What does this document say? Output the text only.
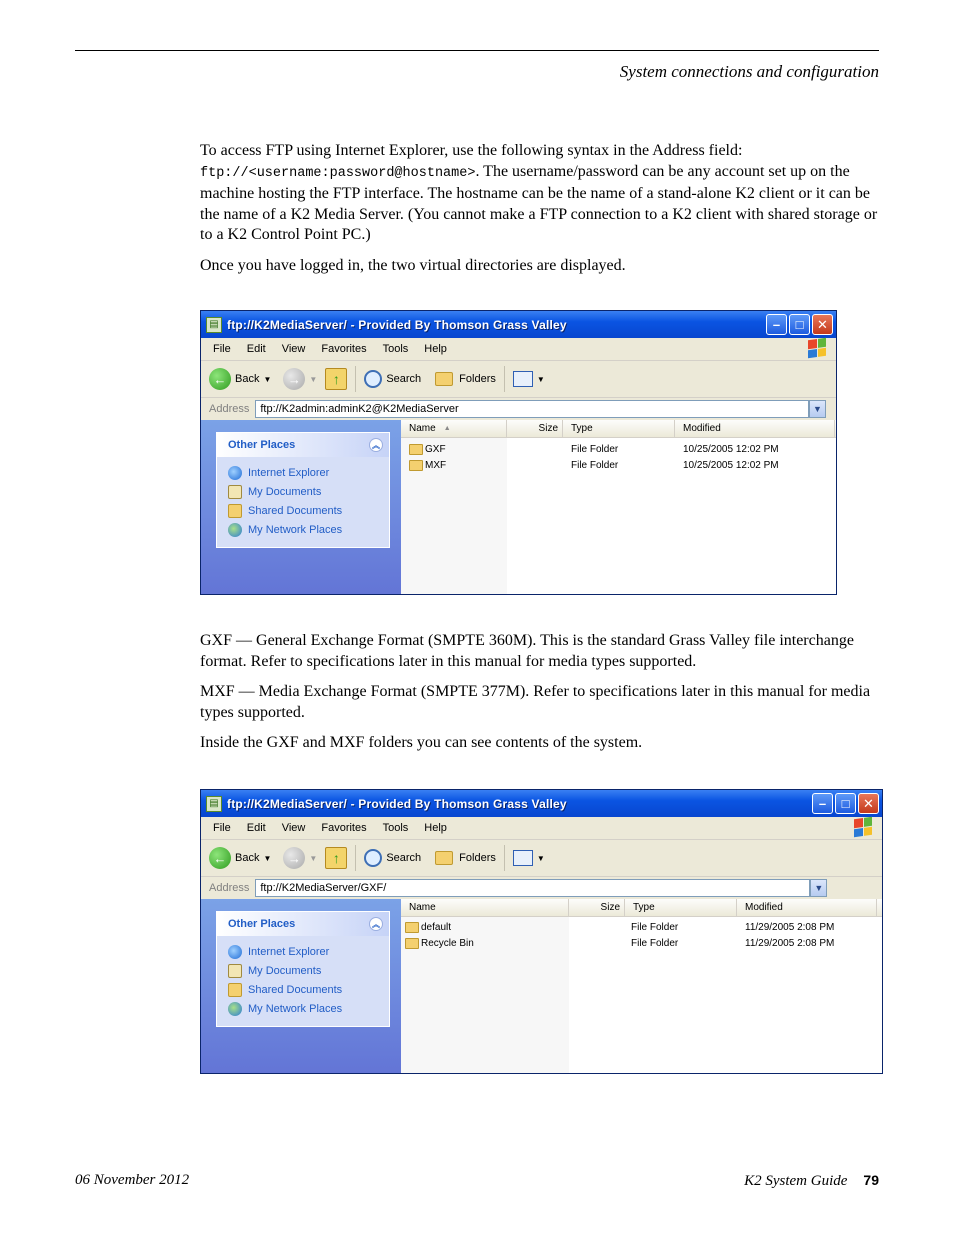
System connections and configuration
To access FTP using Internet Explorer, use the following syntax in the Address field:
ftp://<username:password@hostname>. The username/password can be any account set up on the machine hosting the FTP interface. The hostname can be the name of a stand-alone K2 client or it can be the name of a K2 Media Server. (You cannot make a FTP connection to a K2 client with shared storage or to a K2 Control Point PC.)
Once you have logged in, the two virtual directories are displayed.
▤ ftp://K2MediaServer/ - Provided By Thomson Grass Valley	–	□	✕
File Edit View Favorites Tools Help
← Back ▼	→	▼	↑	Search	Folders	▼
Address	ftp://K2admin:adminK2@K2MediaServer	▼
Other Places	︽
Internet Explorer
My Documents
Shared Documents
My Network Places
Name ▲	Size Type	Modified
GXF	File Folder	10/25/2005 12:02 PM
MXF	File Folder	10/25/2005 12:02 PM
GXF — General Exchange Format (SMPTE 360M). This is the standard Grass Valley file interchange format. Refer to specifications later in this manual for media types supported.
MXF — Media Exchange Format (SMPTE 377M). Refer to specifications later in this manual for media types supported.
Inside the GXF and MXF folders you can see contents of the system.
▤ ftp://K2MediaServer/ - Provided By Thomson Grass Valley	–	□	✕
File Edit View Favorites Tools Help
← Back ▼	→	▼	↑	Search	Folders	▼
Address	ftp://K2MediaServer/GXF/	▼
Other Places	︽
Internet Explorer
My Documents
Shared Documents
My Network Places
Name	Size Type	Modified
default	File Folder	11/29/2005 2:08 PM
Recycle Bin	File Folder	11/29/2005 2:08 PM
06 November 2012	K2 System Guide 79
